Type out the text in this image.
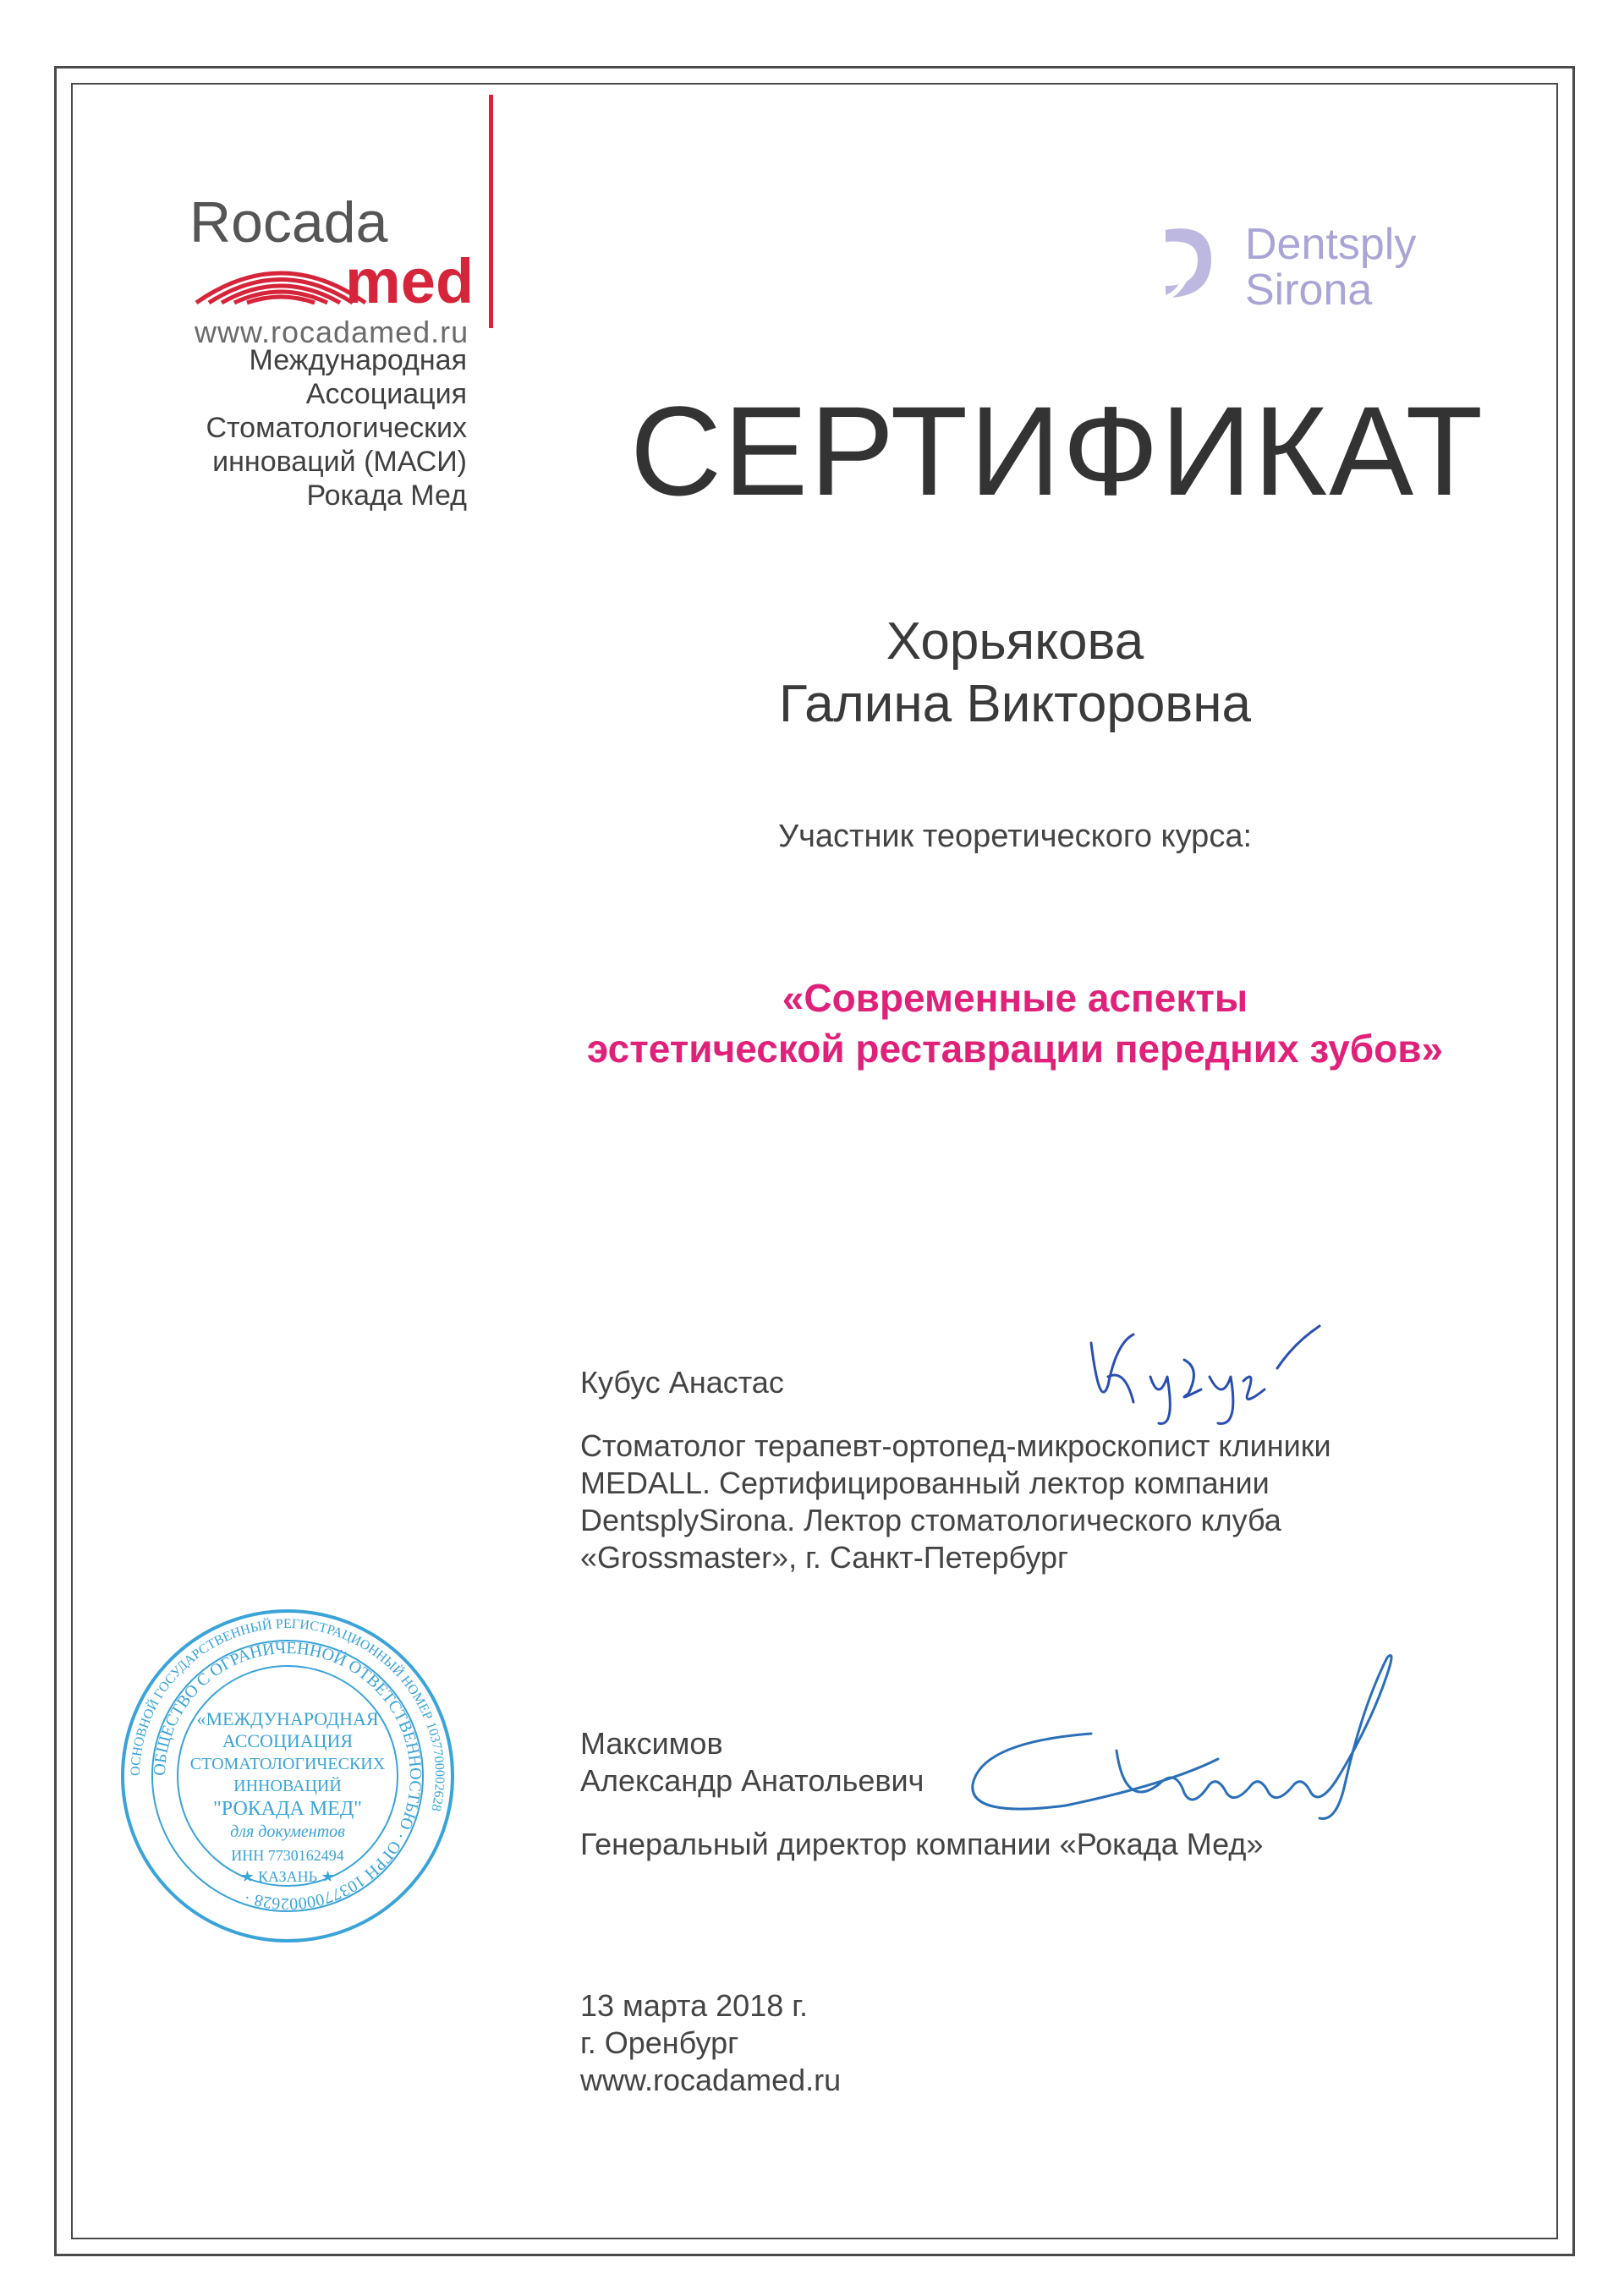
Rocada
med
www.rocadamed.ru
Международная
Ассоциация
Стоматологических
инноваций (МАСИ)
Рокада Мед
Dentsply
Sirona
СЕРТИФИКАТ
Хорьякова
Галина Викторовна
Участник теоретического курса:
«Современные аспекты
эстетической реставрации передних зубов»
Кубус Анастас
Стоматолог терапевт-ортопед-микроскопист клиники
MEDALL. Сертифицированный лектор компании
DentsplySirona. Лектор стоматологического клуба
«Grossmaster», г. Санкт-Петербург
Максимов
Александр Анатольевич
Генеральный директор компании «Рокада Мед»
ОСНОВНОЙ ГОСУДАРСТВЕННЫЙ РЕГИСТРАЦИОННЫЙ НОМЕР 1037700002628
ОБЩЕСТВО С ОГРАНИЧЕННОЙ ОТВЕТСТВЕННОСТЬЮ · ОГРН 1037700002628 ·
«МЕЖДУНАРОДНАЯ
АССОЦИАЦИЯ
СТОМАТОЛОГИЧЕСКИХ
ИННОВАЦИЙ
"РОКАДА МЕД"
для документов
ИНН 7730162494
★ КАЗАНЬ ★
13 марта 2018 г.
г. Оренбург
www.rocadamed.ru
